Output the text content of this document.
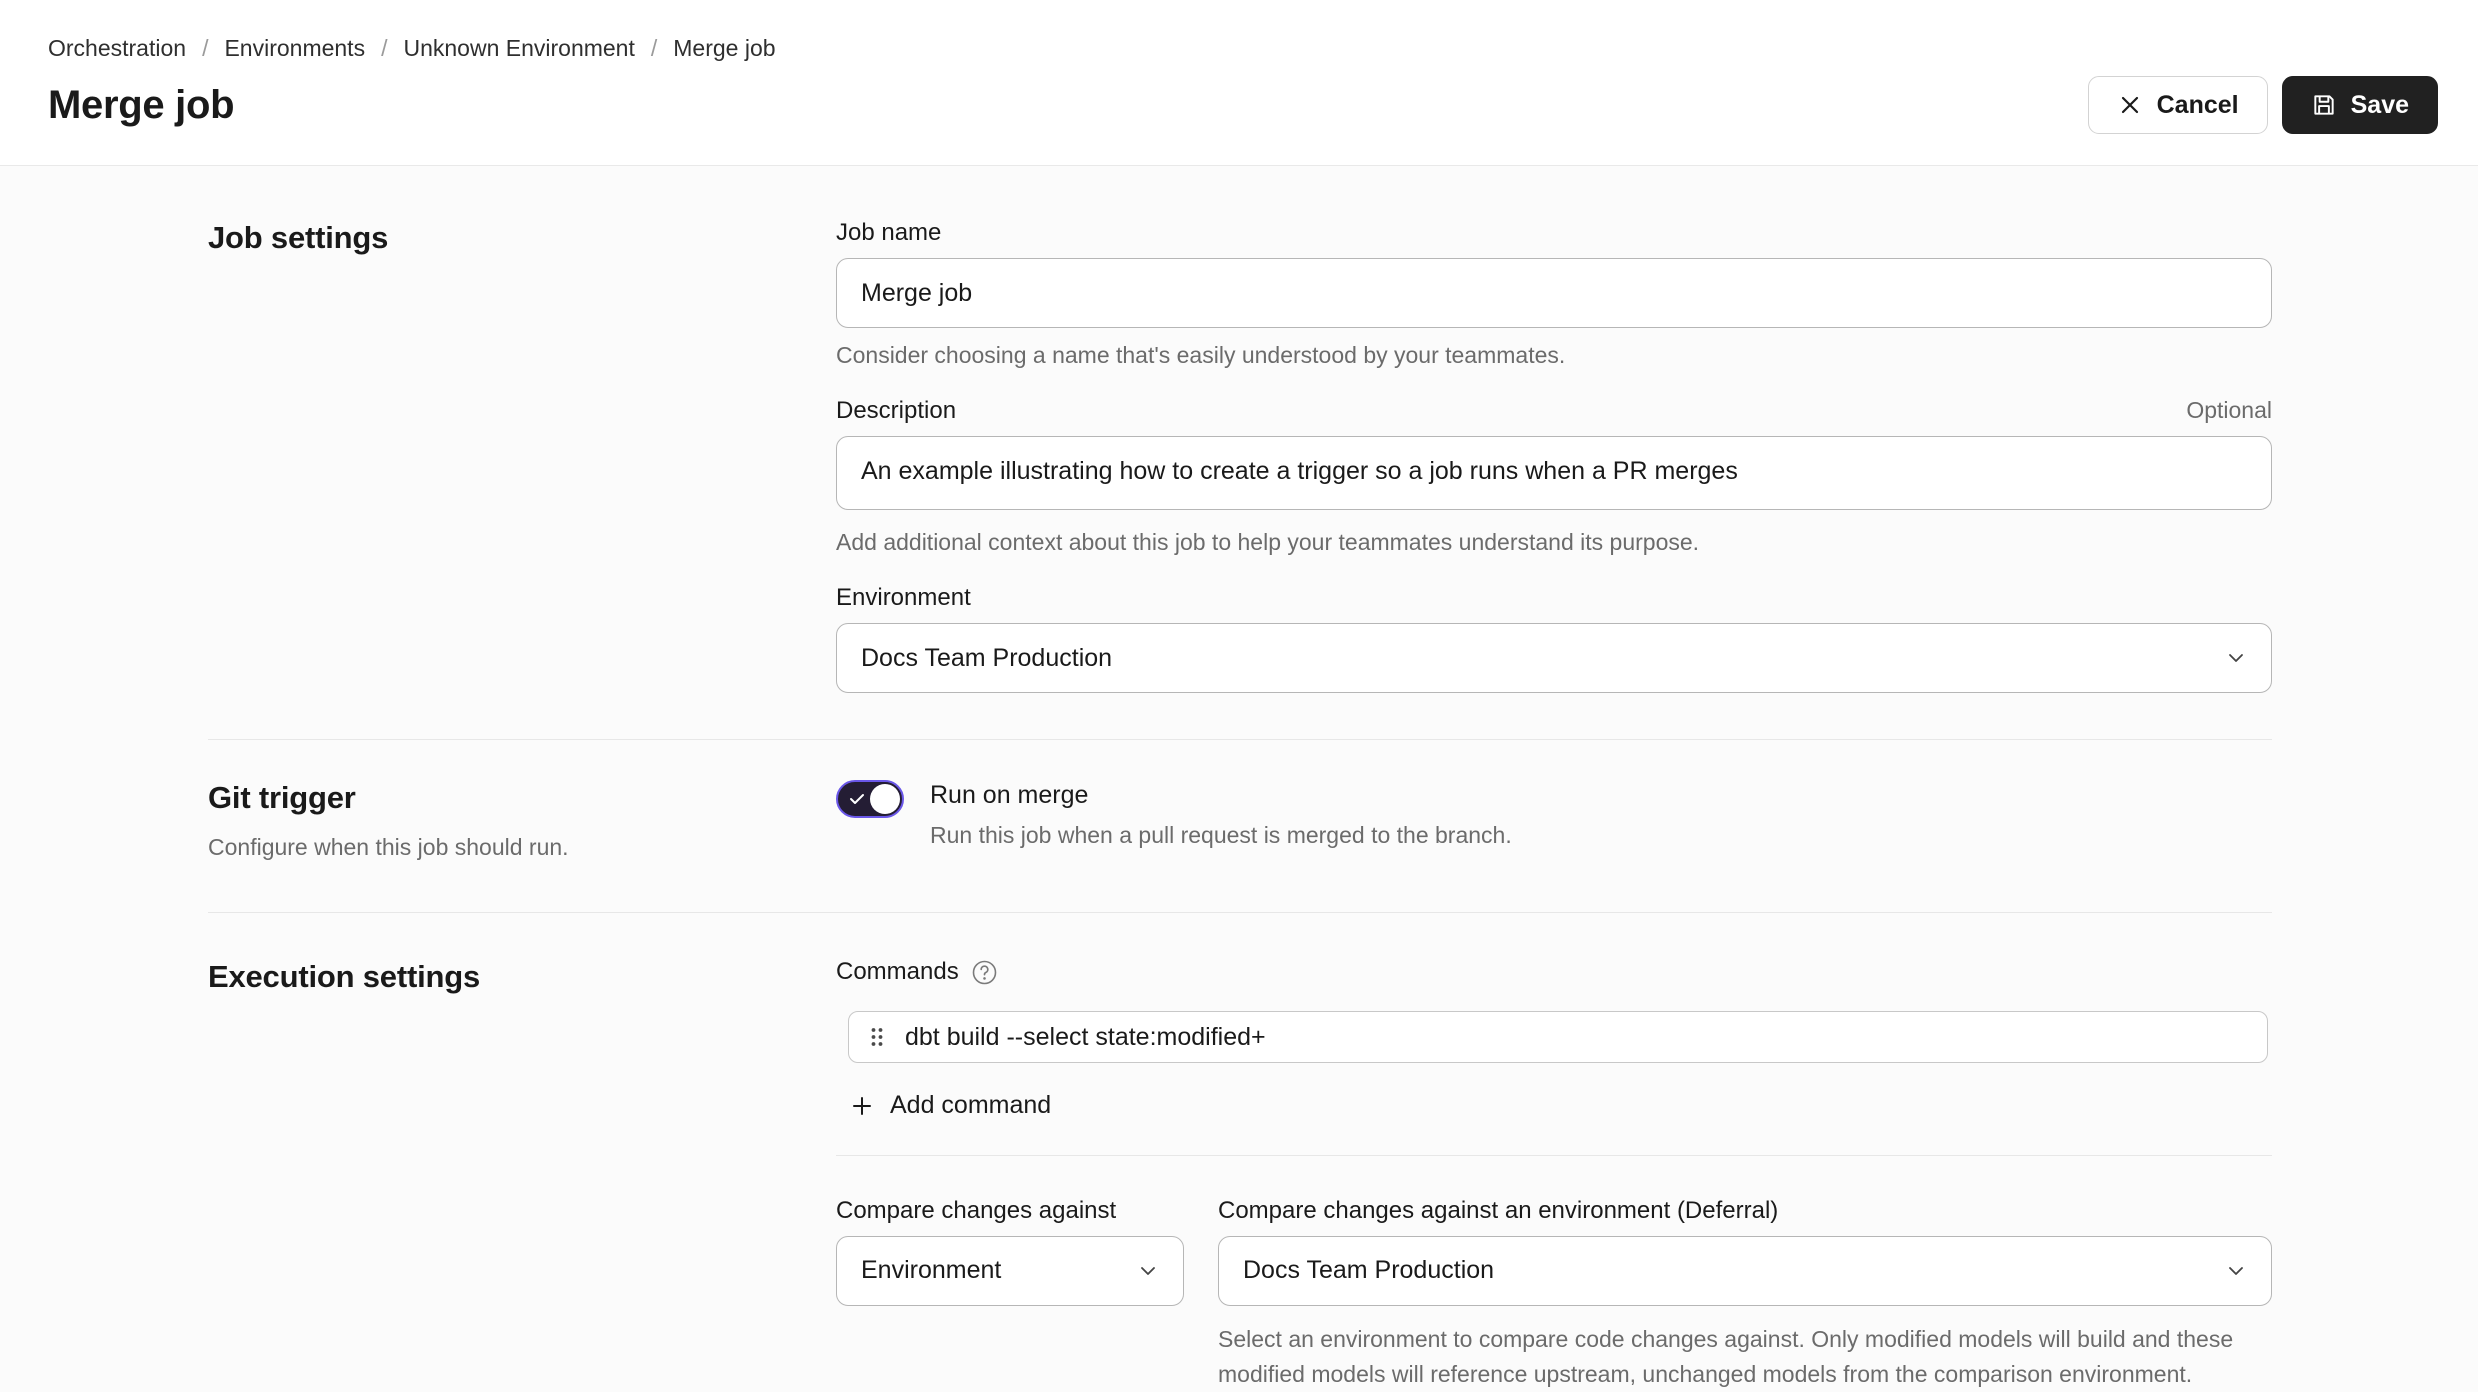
Orchestration / Environments / Unknown Environment / Merge job
Merge job	Cancel	Save
Job settings	Job name
Merge job
Consider choosing a name that's easily understood by your teammates.
Description	Optional
An example illustrating how to create a trigger so a job runs when a PR merges
Add additional context about this job to help your teammates understand its purpose.
Environment
Docs Team Production
Git trigger

Configure when this job should run.

Run on merge
Run this job when a pull request is merged to the branch.
Execution settings	Commands
dbt build --select state:modified+
Add command
Compare changes against
Environment
Compare changes against an environment (Deferral)
Docs Team Production
Select an environment to compare code changes against. Only modified models will build and these modified models will reference upstream, unchanged models from the comparison environment.
